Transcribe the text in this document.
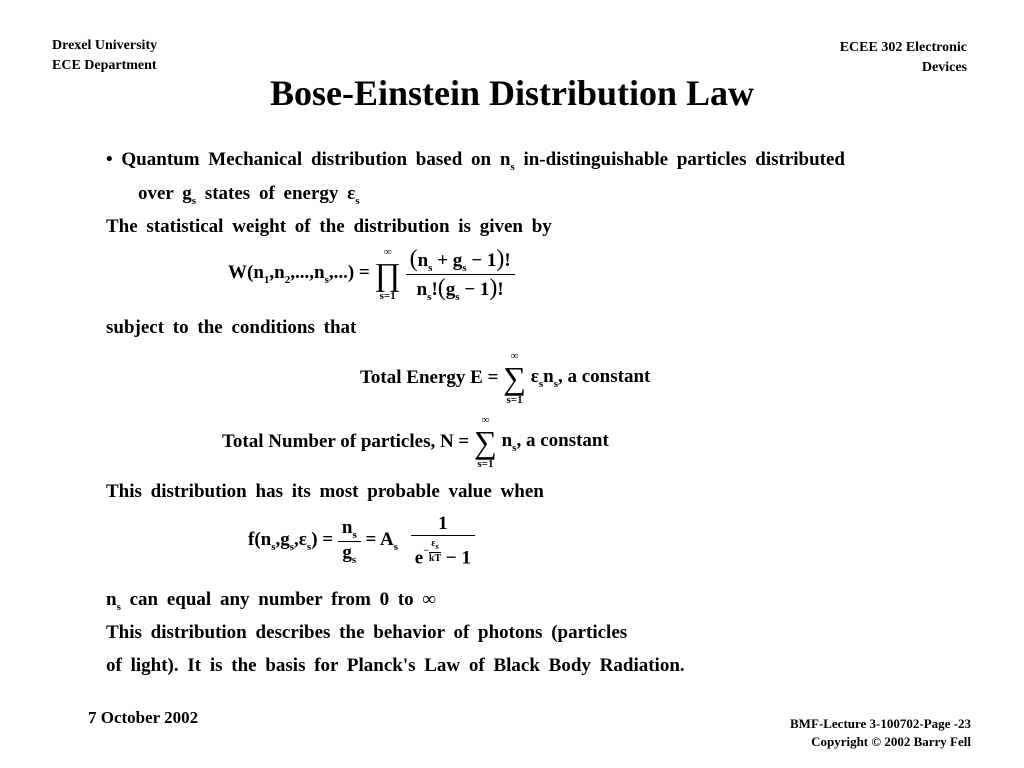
Drexel University
ECE Department
ECEE 302 Electronic
Devices
Bose-Einstein Distribution Law
• Quantum Mechanical distribution based on $n_s$ in-distinguishable particles distributed
over $g_s$ states of energy $\varepsilon_s$
The statistical weight of the distribution is given by
$W(n_1,n_2,...,n_s,...)$ =
∞
∏
s=1
$\frac{(n_s + g_s - 1)!}{n_s!(g_s - 1)!}$
subject to the conditions that
Total Energy E =
∞
∑
s=1
$\varepsilon_sn_s$, a constant
Total Number of particles, N =
∞
∑
s=1
$n_s$, a constant
This distribution has its most probable value when
$f(n_s,g_s,\varepsilon_s) = \frac{n_s}{g_s} = A_s \frac{1}{e- \frac{\varepsilon_s}{kT} - 1}$
$n_s$ can equal any number from 0 to ∞
This distribution describes the behavior of photons (particles
of light). It is the basis for Planck's Law of Black Body Radiation.
7 October 2002	BMF-Lecture 3-100702-Page -23
Copyright © 2002 Barry Fell
